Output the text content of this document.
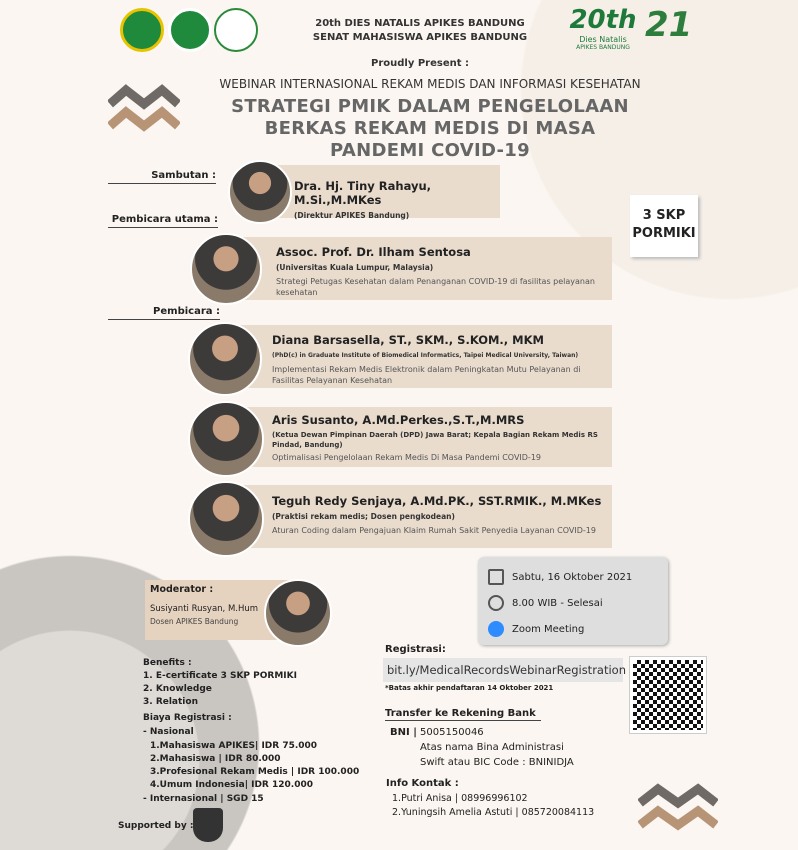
20th
Dies Natalis
APIKES BANDUNG
21
20th DIES NATALIS APIKES BANDUNG
SENAT MAHASISWA APIKES BANDUNG
Proudly Present :
WEBINAR INTERNASIONAL REKAM MEDIS DAN INFORMASI KESEHATAN
STRATEGI PMIK DALAM PENGELOLAAN
BERKAS REKAM MEDIS DI MASA
PANDEMI COVID-19
Sambutan :
Dra. Hj. Tiny Rahayu, M.Si.,M.MKes
(Direktur APIKES Bandung)
Pembicara utama :
Assoc. Prof. Dr. Ilham Sentosa
(Universitas Kuala Lumpur, Malaysia)
Strategi Petugas Kesehatan dalam Penanganan COVID-19 di fasilitas pelayanan kesehatan
Pembicara :
Diana Barsasella, ST., SKM., S.KOM., MKM
(PhD(c) in Graduate Institute of Biomedical Informatics, Taipei Medical University, Taiwan)
Implementasi Rekam Medis Elektronik dalam Peningkatan Mutu Pelayanan di Fasilitas Pelayanan Kesehatan
Aris Susanto, A.Md.Perkes.,S.T.,M.MRS
(Ketua Dewan Pimpinan Daerah (DPD) Jawa Barat; Kepala Bagian Rekam Medis RS Pindad, Bandung)
Optimalisasi Pengelolaan Rekam Medis Di Masa Pandemi COVID-19
Teguh Redy Senjaya, A.Md.PK., SST.RMIK., M.MKes
(Praktisi rekam medis; Dosen pengkodean)
Aturan Coding dalam Pengajuan Klaim Rumah Sakit Penyedia Layanan COVID-19
3 SKP
PORMIKI
Moderator :
Susiyanti Rusyan, M.Hum
Dosen APIKES Bandung
Sabtu, 16 Oktober 2021
8.00 WIB - Selesai
Zoom Meeting
Registrasi:
bit.ly/MedicalRecordsWebinarRegistration
*Batas akhir pendaftaran 14 Oktober 2021
Transfer ke Rekening Bank
BNI | 5005150046
Atas nama Bina Administrasi
Swift atau BIC Code : BNINIDJA
Info Kontak :
1.Putri Anisa | 08996996102
2.Yuningsih Amelia Astuti | 085720084113
Benefits :
1. E-certificate 3 SKP PORMIKI
2. Knowledge
3. Relation
Biaya Registrasi :
- Nasional
1.Mahasiswa APIKES| IDR 75.000
2.Mahasiswa | IDR 80.000
3.Profesional Rekam Medis | IDR 100.000
4.Umum Indonesia| IDR 120.000
- Internasional | SGD 15
Supported by :
